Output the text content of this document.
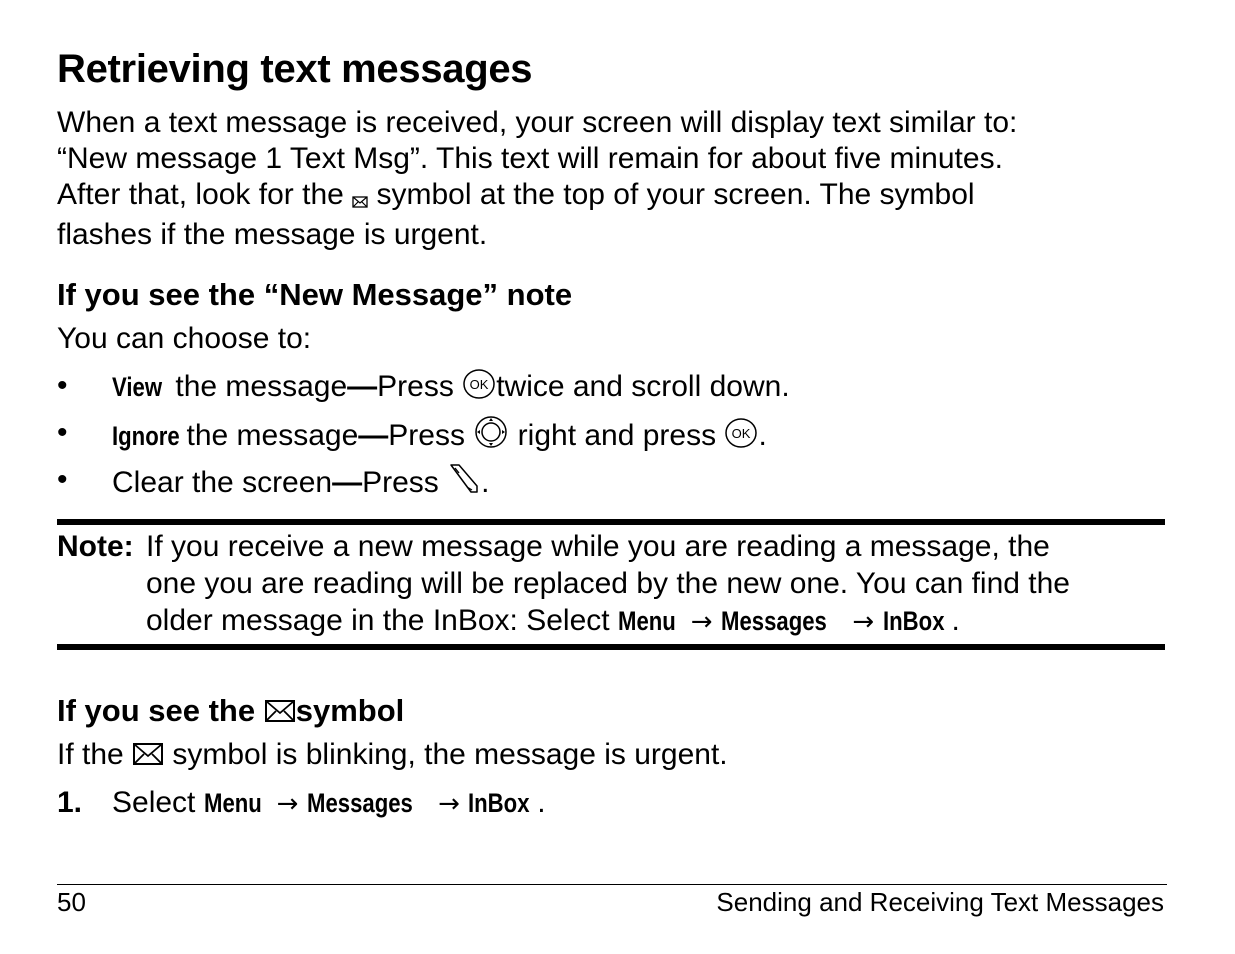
Retrieving text messages
When a text message is received, your screen will display text similar to:
“New message 1 Text Msg”. This text will remain for about five minutes.
After that, look for the  symbol at the top of your screen. The symbol
flashes if the message is urgent.
If you see the “New Message” note

You can choose to:

• View the message—Press OK twice and scroll down.
• Ignore the message—Press  right and press OK .
• Clear the screen—Press .
Note: If you receive a new message while you are reading a message, the
one you are reading will be replaced by the new one. You can find the
older message in the InBox: Select Menu → Messages → InBox .
If you see the symbol

If the  symbol is blinking, the message is urgent.

1. Select Menu → Messages → InBox .
50	Sending and Receiving Text Messages
